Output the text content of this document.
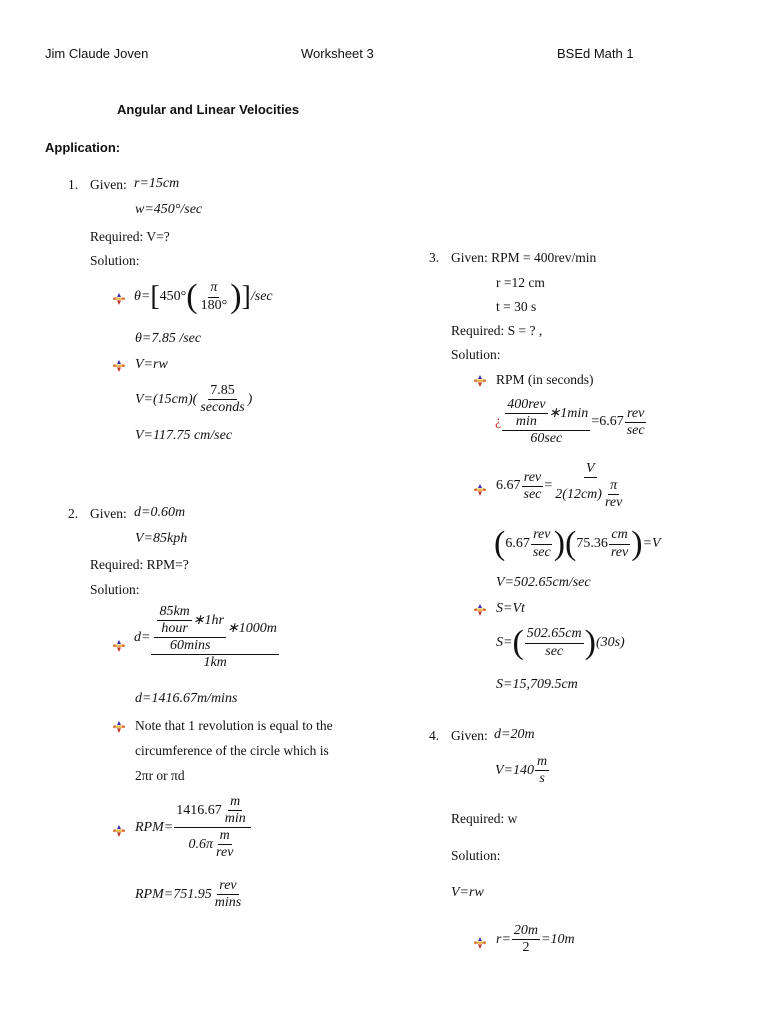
Jim Claude Joven	Worksheet 3	BSEd Math 1
Angular and Linear Velocities
Application:
1. Given: r=15cm
w=450°/sec
Required: V=?
Solution:
θ= [ 450° ( $\frac{\pi}{180^\circ}$ ) ] /sec
θ=7.85 /sec
V=rw
$V=(15cm)( \frac{7.85}{\text{seconds}}$ )
V=117.75 cm/sec
2. Given: d=0.60m
V=85kph
Required: RPM=?
Solution:
$d= \frac{\frac{85km}{\text{hour}} ∗1hr}{60\min s}$ ∗1000m
1km
d=1416.67m/mins
Note that 1 revolution is equal to the
circumference of the circle which is
2πr or πd
$RPM= \frac{1416.67 \frac{m}{\min}}{0.6\pi \frac{m}{\text{rev}}}$
$RPM=751.95 \frac{\text{rev}}{\min s}$
3. Given: RPM = 400rev/min
r =12 cm
t = 30 s
Required: S = ? ,
Solution:
RPM (in seconds)
¿ $\frac{\frac{\text{400rev}}{\min} ∗1\min}{60\sec} =6.67 \frac{\text{rev}}{\sec}$
$6.67 \frac{\text{rev}}{\sec} = \frac{V}{2(12cm) \frac{\pi}{\text{rev}}}$
( $6.67 \frac{\text{rev}}{\sec}$ )( $75.36 \frac{cm}{\text{rev}}$ ) =V
V=502.65cm/sec
S=Vt
S= ( $\frac{502.65cm}{\sec}$ ) (30s)
S=15,709.5cm
4. Given: d=20m
$V=140 \frac{m}{s}$
Required: w
Solution:
V=rw
$r= \frac{20m}{2} =10m$
